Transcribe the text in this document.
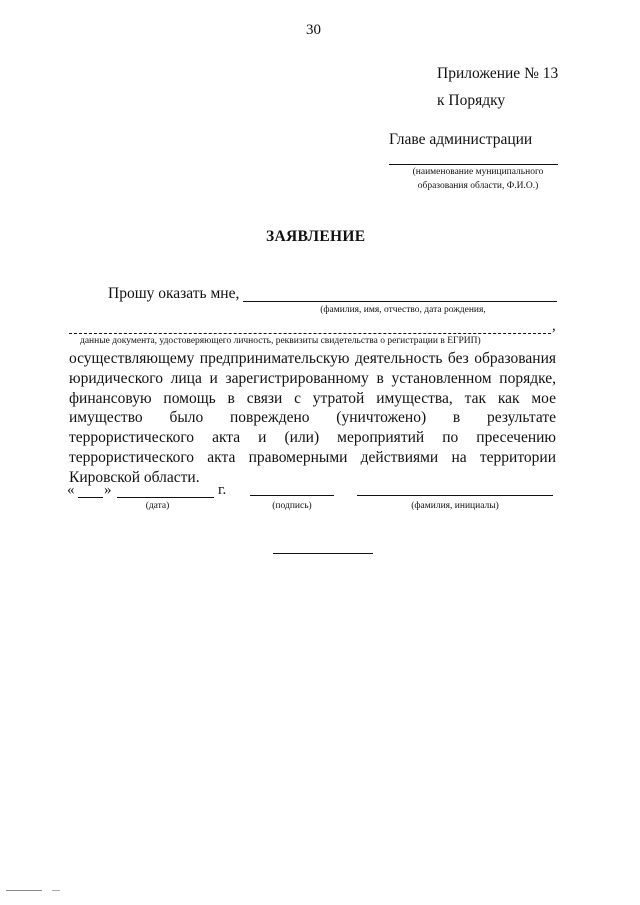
30
Приложение № 13
к Порядку
Главе администрации
(наименование муниципального
образования области, Ф.И.О.)
ЗАЯВЛЕНИЕ
Прошу оказать мне,
(фамилия, имя, отчество, дата рождения,
,
данные документа, удостоверяющего личность, реквизиты свидетельства о регистрации в ЕГРИП)
осуществляющему предпринимательскую деятельность без образования юридического лица и зарегистрированному в установленном порядке, финансовую помощь в связи с утратой имущества, так как мое имущество было повреждено (уничтожено) в результате террористического акта и (или) мероприятий по пресечению террористического акта правомерными действиями на территории Кировской области.
« »	г.
(дата)	(подпись)	(фамилия, инициалы)
